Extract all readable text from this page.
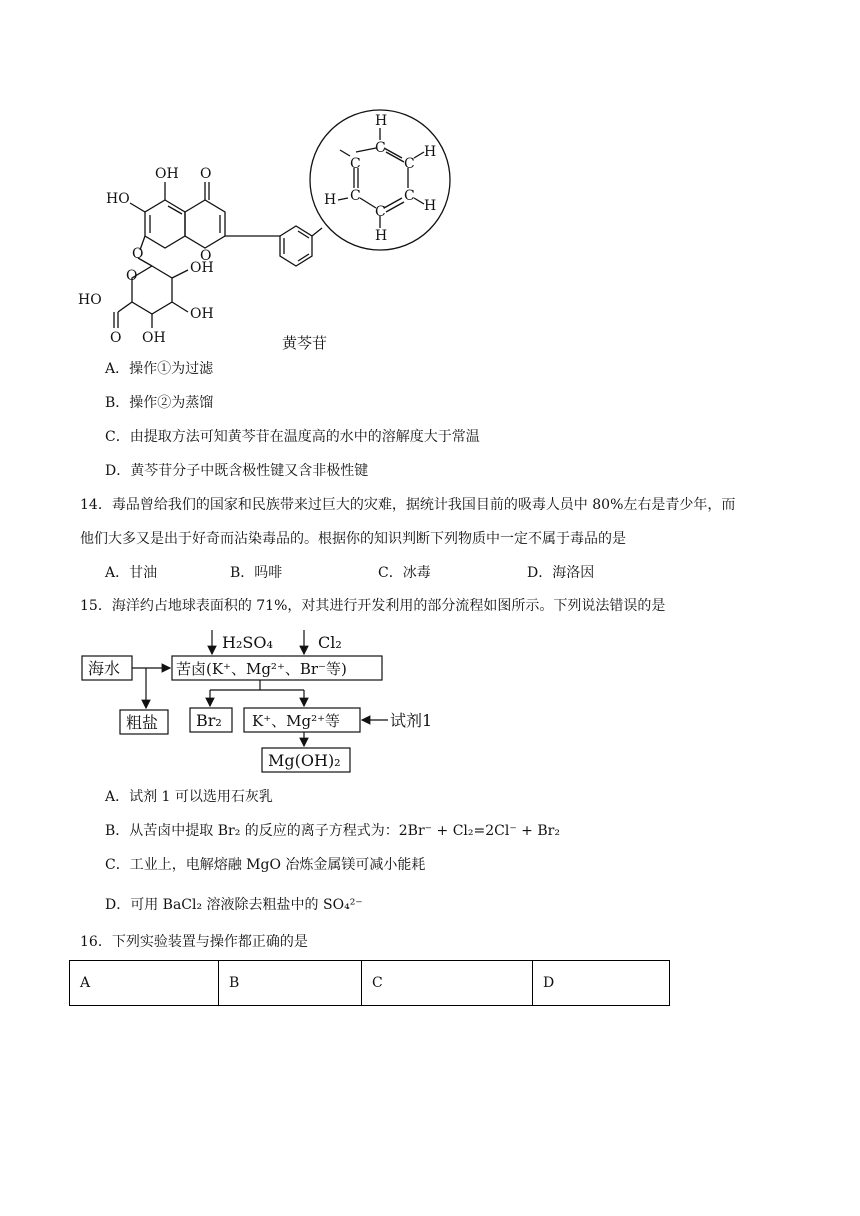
OH O
HO
O
O
O	OH
HO
O OH
OH
C
C
C
C
C
C
H
H
H
H
H
黄芩苷
A．操作①为过滤
B．操作②为蒸馏
C．由提取方法可知黄芩苷在温度高的水中的溶解度大于常温
D．黄芩苷分子中既含极性键又含非极性键
14．毒品曾给我们的国家和民族带来过巨大的灾难，据统计我国目前的吸毒人员中 80%左右是青少年，而
他们大多又是出于好奇而沾染毒品的。根据你的知识判断下列物质中一定不属于毒品的是
A．甘油	B．吗啡	C．冰毒	D．海洛因
15．海洋约占地球表面积的 71%，对其进行开发利用的部分流程如图所示。下列说法错误的是
海水
H₂SO₄	Cl₂
苦卤(K⁺、Mg²⁺、Br⁻等)
粗盐 Br₂ K⁺、Mg²⁺等	试剂1
Mg(OH)₂
A．试剂 1 可以选用石灰乳
B．从苦卤中提取 Br₂ 的反应的离子方程式为：2Br⁻ + Cl₂=2Cl⁻ + Br₂
C．工业上，电解熔融 MgO 冶炼金属镁可减小能耗
D．可用 BaCl₂ 溶液除去粗盐中的 SO₄²⁻
16．下列实验装置与操作都正确的是
A	B	C	D
